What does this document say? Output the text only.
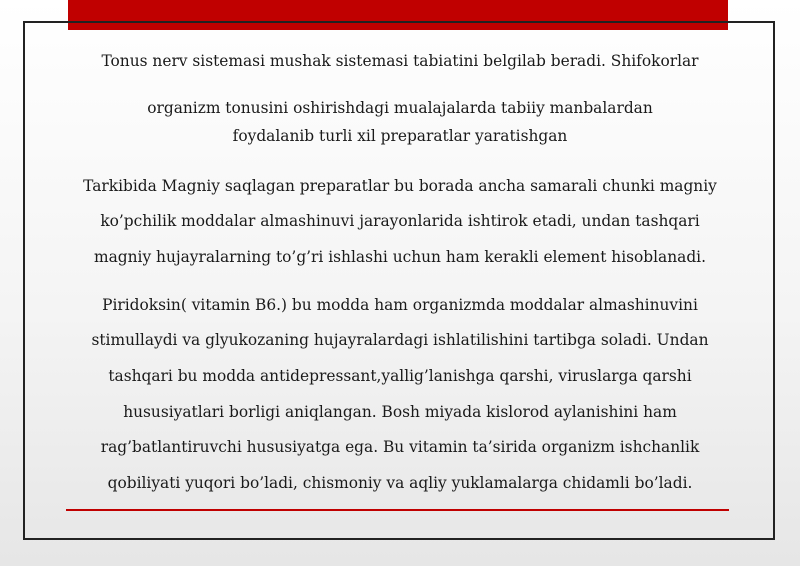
Tonus nerv sistemasi mushak sistemasi tabiatini belgilab beradi. Shifokorlar
organizm tonusini oshirishdagi mualajalarda tabiiy manbalardan
foydalanib turli xil preparatlar yaratishgan
Tarkibida Magniy saqlagan preparatlar bu borada ancha samarali chunki magniy
ko’pchilik moddalar almashinuvi jarayonlarida ishtirok etadi, undan tashqari
magniy hujayralarning to’g’ri ishlashi uchun ham kerakli element hisoblanadi.
Piridoksin( vitamin B6.) bu modda ham organizmda moddalar almashinuvini
stimullaydi va glyukozaning hujayralardagi ishlatilishini tartibga soladi. Undan
tashqari bu modda antidepressant,yallig’lanishga qarshi, viruslarga qarshi
hususiyatlari borligi aniqlangan. Bosh miyada kislorod aylanishini ham
rag’batlantiruvchi hususiyatga ega. Bu vitamin ta’sirida organizm ishchanlik
qobiliyati yuqori bo’ladi, chismoniy va aqliy yuklamalarga chidamli bo’ladi.
